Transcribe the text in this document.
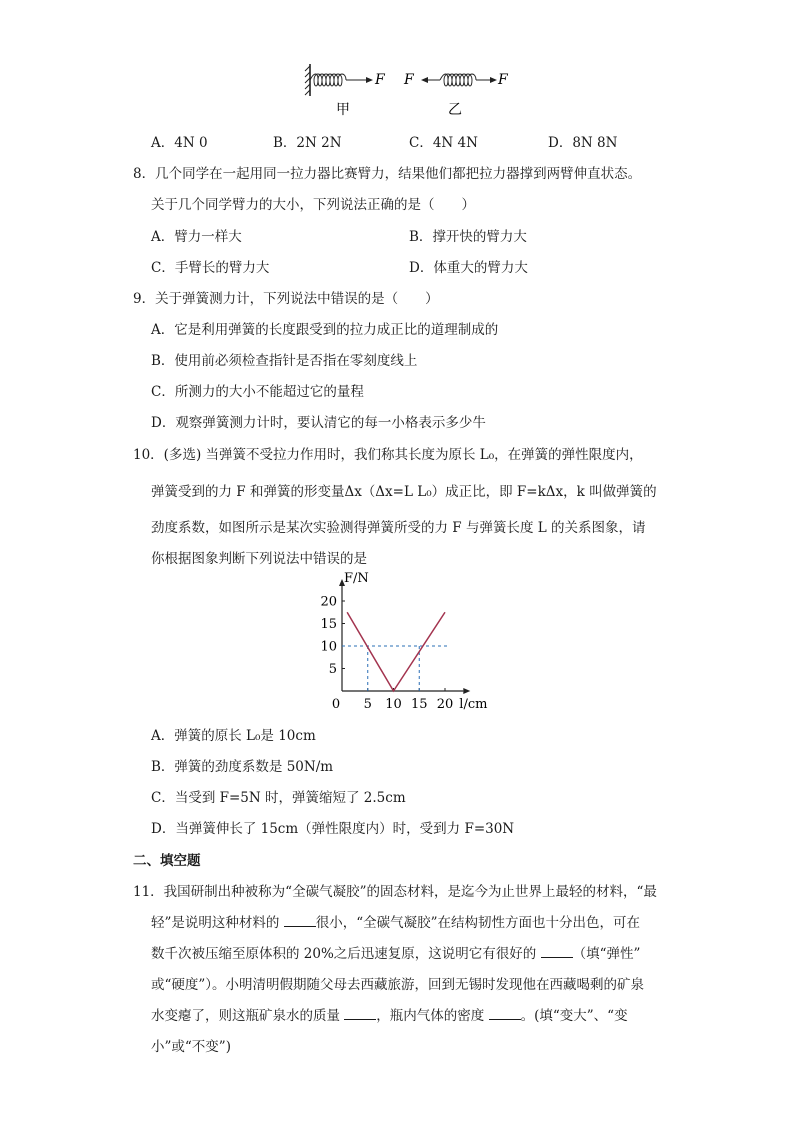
F
甲
F	F
乙
A．4N 0	B．2N 2N	C．4N 4N	D．8N 8N
8．几个同学在一起用同一拉力器比赛臂力，结果他们都把拉力器撑到两臂伸直状态。
关于几个同学臂力的大小，下列说法正确的是（　　）
A．臂力一样大	B．撑开快的臂力大
C．手臂长的臂力大	D．体重大的臂力大
9．关于弹簧测力计，下列说法中错误的是（　　）
A．它是利用弹簧的长度跟受到的拉力成正比的道理制成的
B．使用前必须检查指针是否指在零刻度线上
C．所测力的大小不能超过它的量程
D．观察弹簧测力计时，要认清它的每一小格表示多少牛
10．(多选) 当弹簧不受拉力作用时，我们称其长度为原长 L₀，在弹簧的弹性限度内，
弹簧受到的力 F 和弹簧的形变量Δx（Δx=L L₀）成正比，即 F=kΔx，k 叫做弹簧的
劲度系数，如图所示是某次实验测得弹簧所受的力 F 与弹簧长度 L 的关系图象，请
你根据图象判断下列说法中错误的是
5
10
15
20
0 5 10 15 20
F/N
l/cm
A．弹簧的原长 L₀是 10cm
B．弹簧的劲度系数是 50N/m
C．当受到 F=5N 时，弹簧缩短了 2.5cm
D．当弹簧伸长了 15cm（弹性限度内）时，受到力 F=30N
二、填空题
11．我国研制出种被称为“全碳气凝胶”的固态材料，是迄今为止世界上最轻的材料，“最
轻”是说明这种材料的 很小，“全碳气凝胶”在结构韧性方面也十分出色，可在
数千次被压缩至原体积的 20%之后迅速复原，这说明它有很好的 （填“弹性”
或“硬度”）。小明清明假期随父母去西藏旅游，回到无锡时发现他在西藏喝剩的矿泉
水变瘪了，则这瓶矿泉水的质量 ，瓶内气体的密度 。(填“变大”、“变
小”或“不变”)
